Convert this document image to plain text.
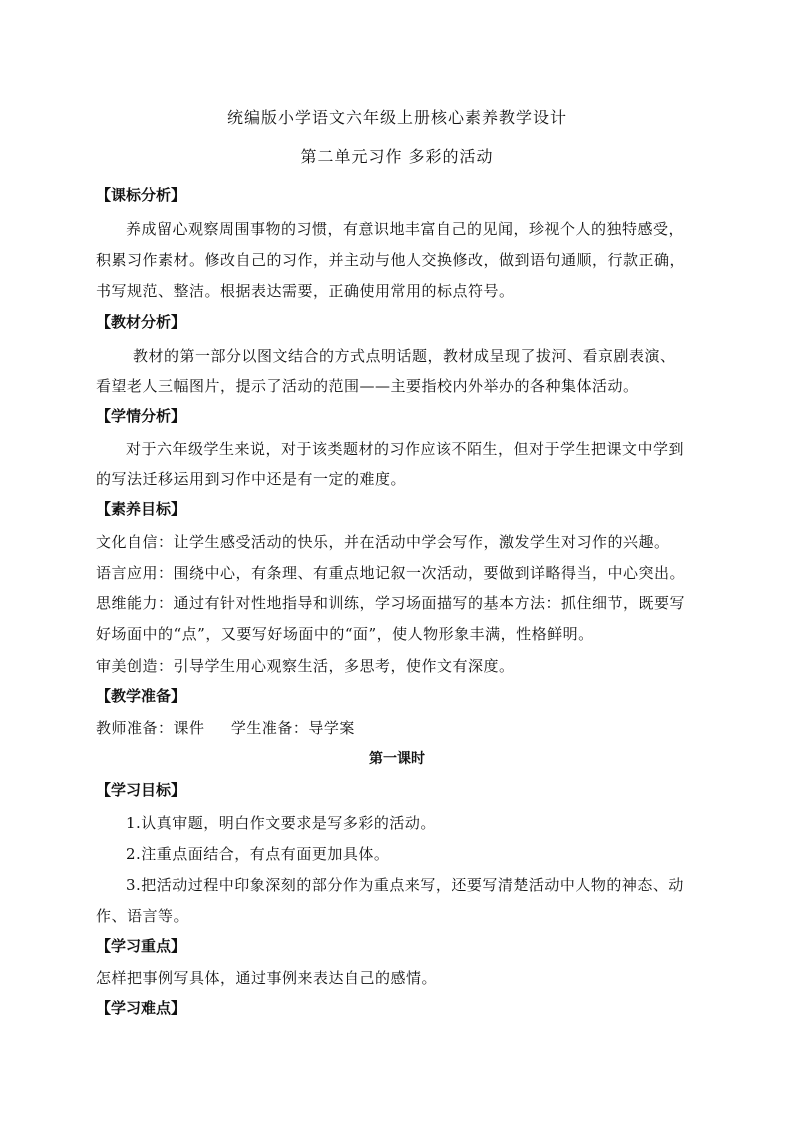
统编版小学语文六年级上册核心素养教学设计
第二单元习作 多彩的活动
【课标分析】
养成留心观察周围事物的习惯，有意识地丰富自己的见闻，珍视个人的独特感受，
积累习作素材。修改自己的习作，并主动与他人交换修改，做到语句通顺，行款正确，
书写规范、整洁。根据表达需要，正确使用常用的标点符号。
【教材分析】
教材的第一部分以图文结合的方式点明话题，教材成呈现了拔河、看京剧表演、
看望老人三幅图片，提示了活动的范围——主要指校内外举办的各种集体活动。
【学情分析】
对于六年级学生来说，对于该类题材的习作应该不陌生，但对于学生把课文中学到
的写法迁移运用到习作中还是有一定的难度。
【素养目标】
文化自信：让学生感受活动的快乐，并在活动中学会写作，激发学生对习作的兴趣。
语言应用：围绕中心，有条理、有重点地记叙一次活动，要做到详略得当，中心突出。
思维能力：通过有针对性地指导和训练，学习场面描写的基本方法：抓住细节，既要写
好场面中的“点”，又要写好场面中的“面”，使人物形象丰满，性格鲜明。
审美创造：引导学生用心观察生活，多思考，使作文有深度。
【教学准备】
教师准备：课件     学生准备：导学案
第一课时
【学习目标】
1.认真审题，明白作文要求是写多彩的活动。
2.注重点面结合，有点有面更加具体。
3.把活动过程中印象深刻的部分作为重点来写，还要写清楚活动中人物的神态、动
作、语言等。
【学习重点】
怎样把事例写具体，通过事例来表达自己的感情。
【学习难点】
